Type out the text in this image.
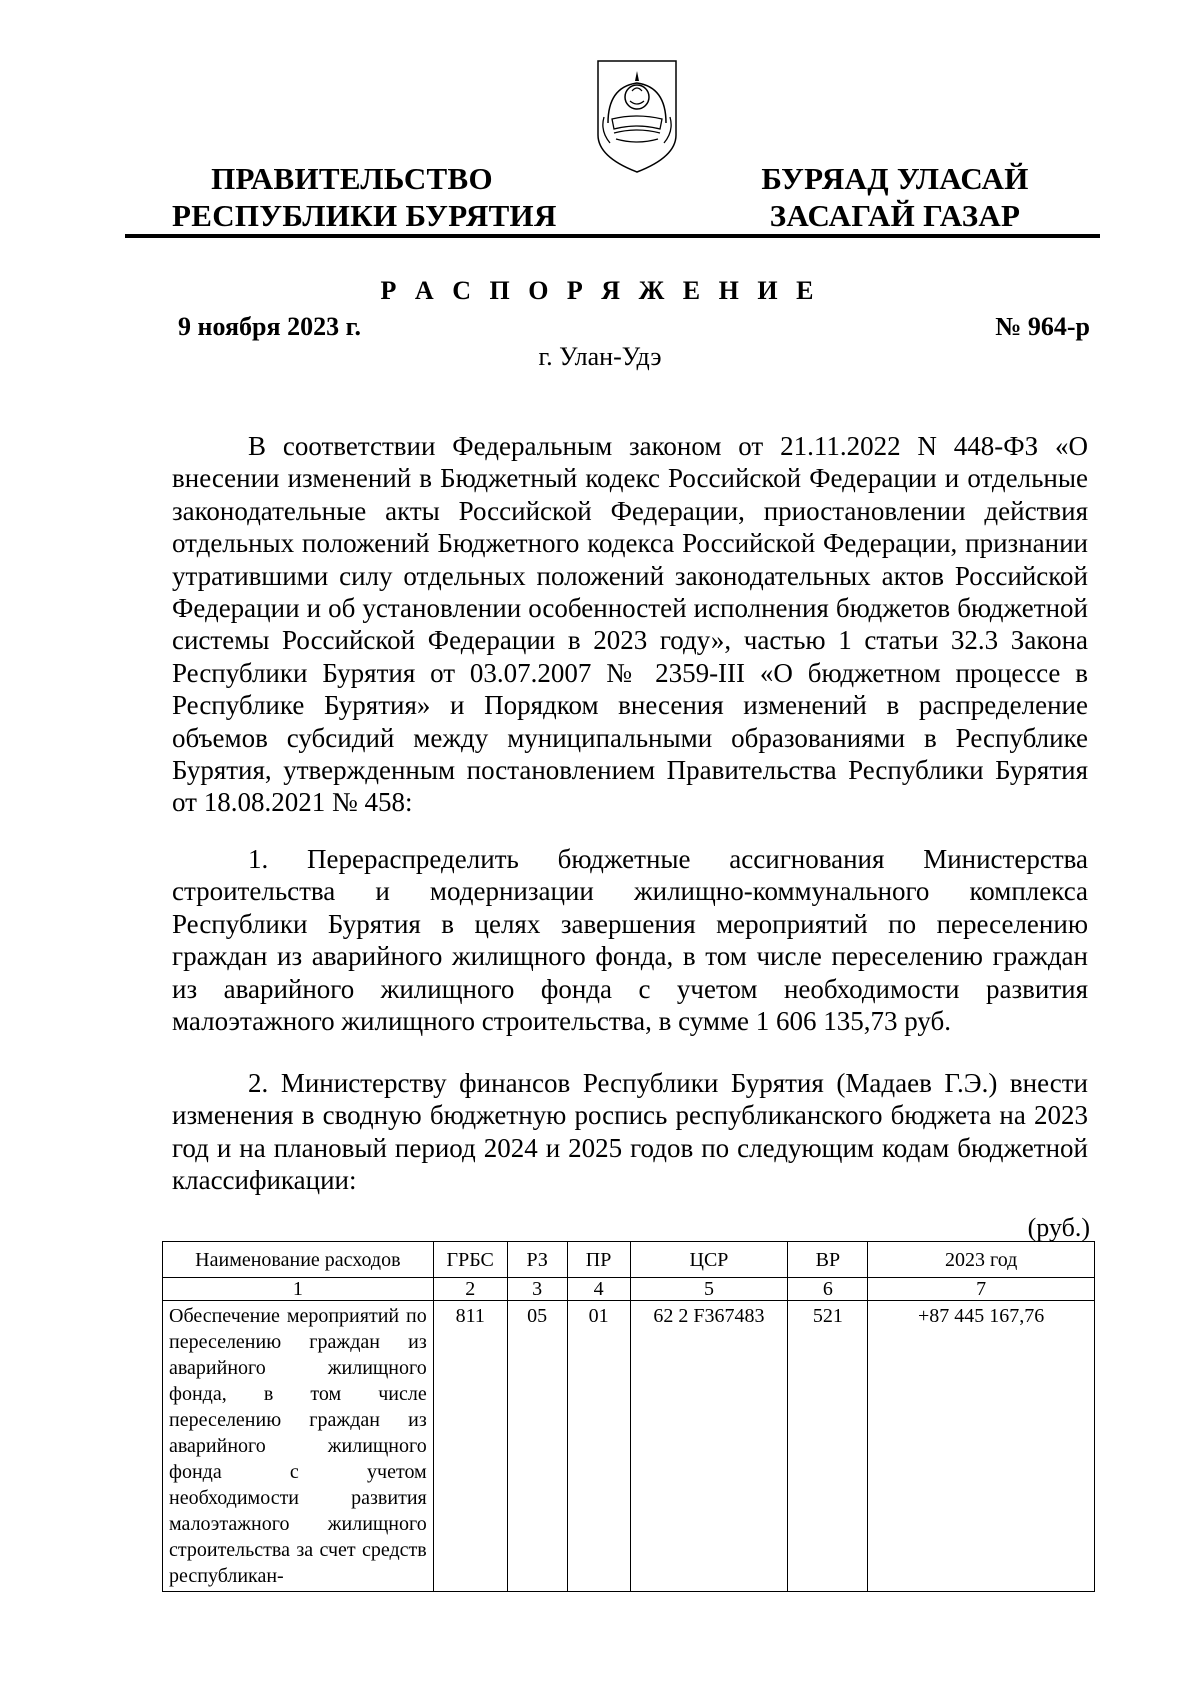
ПРАВИТЕЛЬСТВО
РЕСПУБЛИКИ БУРЯТИЯ
БУРЯАД УЛАСАЙ
ЗАСАГАЙ ГАЗАР
Р А С П О Р Я Ж Е Н И Е
9 ноября 2023 г.	№ 964-р
г. Улан-Удэ

В соответствии Федеральным законом от 21.11.2022 N 448-ФЗ «О внесении изменений в Бюджетный кодекс Российской Федерации и отдельные законодательные акты Российской Федерации, приостановлении действия отдельных положений Бюджетного кодекса Российской Федерации, признании утратившими силу отдельных положений законодательных актов Российской Федерации и об установлении особенностей исполнения бюджетов бюджетной системы Российской Федерации в 2023 году», частью 1 статьи 32.3 Закона Республики Бурятия от 03.07.2007 № 2359-III «О бюджетном процессе в Республике Бурятия» и Порядком внесения изменений в распределение объемов субсидий между муниципальными образованиями в Республике Бурятия, утвержденным постановлением Правительства Республики Бурятия от 18.08.2021 № 458:

1. Перераспределить бюджетные ассигнования Министерства строительства и модернизации жилищно-коммунального комплекса Республики Бурятия в целях завершения мероприятий по переселению граждан из аварийного жилищного фонда, в том числе переселению граждан из аварийного жилищного фонда с учетом необходимости развития малоэтажного жилищного строительства, в сумме 1 606 135,73 руб.

2. Министерству финансов Республики Бурятия (Мадаев Г.Э.) внести изменения в сводную бюджетную роспись республиканского бюджета на 2023 год и на плановый период 2024 и 2025 годов по следующим кодам бюджетной классификации:

(руб.)
Наименование расходов	ГРБС	РЗ	ПР	ЦСР	ВР	2023 год
1	2	3	4	5	6	7
Обеспечение мероприятий по переселению граждан из аварийного жилищного фонда, в том числе переселению граждан из аварийного жилищного фонда с учетом необходимости развития малоэтажного жилищного строительства за счет средств республикан-	811	05	01	62 2 F367483	521	+87 445 167,76
